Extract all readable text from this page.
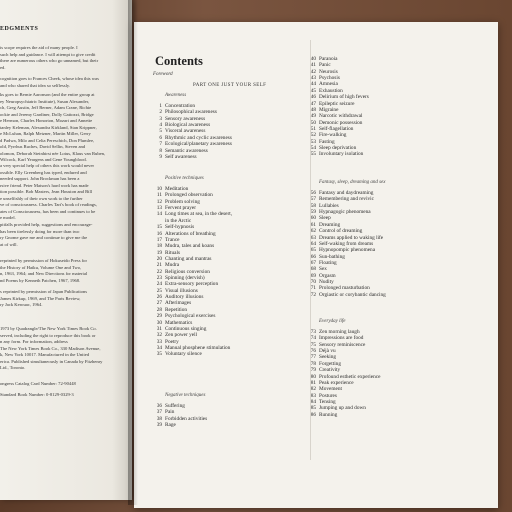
EDGMENTS
is scope requires the aid of many people. I
such help and guidance. I will attempt to give credit
there are numerous others who go unnamed, but their
ed.
cognition goes to Frances Cheek, whose idea this was
and who shared that idea so selflessly.
ks goes to Bernie Aaronson (and the entire group at
ey Neuropsychiatric Institute), Susan Alexander,
ch, Greg Austin, Jeff Berner, Adam Crane, Richie
ockie and Jeremy Gardiner, Dolly Gattozzi, Bridge
e Hermon, Charles Honorton, Mozart and Annette
tanley Keleman, Alexandra Kirkland, Stan Krippner,
e McLuhan, Ralph Metzner, Martin Miller, Gerry
d Padwa, Milo and Celia Pereschich, Don Plumlee,
old, Pyrrhus Ruches, David Sellin, Steven and
olomon, Deborah Steinhirst née Lotus, Klaus van Ruben,
Wilcock, Karl Yeargens and Gene Youngblood.
a very special help of others this work would never
ossible. Elly Greenberg has typed, endured and
needed support. John Brockman has been a
rsive friend. Peter Matson's hard work has made
tion possible. Bob Masters, Jean Houston and Bill
e unselfishly of their own work to the further
ve of consciousness. Charles Tart's book of readings,
ates of Consciousness, has been and continues to be
e model.
pitfalls provided help, suggestions and encourage-
has been tirelessly doing for more than two
ry Gnome gave me and continue to give me the
at of will.
reprinted by permission of Hokuseido Press for
the History of Haiku, Volume One and Two,
n, 1963, 1964; and New Directions for material
nd Poems by Kenneth Patchen, 1967, 1968.
s reprinted by permission of Japan Publications
James Kirkup, 1969, and The Paris Review,
ry Jack Kerouac, 1964.
1973 by Quadrangle/The New York Times Book Co.
served, including the right to reproduce this book or
n any form. For information, address
The New York Times Book Co., 330 Madison Avenue,
k, New York 10017. Manufactured in the United
erica. Published simultaneously in Canada by Fitzhenry
Ltd., Toronto.
ongress Catalog Card Number: 72-90448
Standard Book Number: 0-8129-0329-3
Contents
Foreword
PART ONE JUST YOUR SELF
Awareness
1 Concentration
2 Philosophical awareness
3 Sensory awareness
4 Biological awareness
5 Visceral awareness
6 Rhythmic and cyclic awareness
7 Ecological/planetary awareness
8 Semantic awareness
9 Self awareness
Positive techniques
10 Meditation
11 Prolonged observation
12 Problem solving
13 Fervent prayer
14 Long times at sea, in the desert,
in the Arctic
15 Self-hypnosis
16 Alterations of breathing
17 Trance
18 Mudra, tales and koans
19 Rituals
20 Chanting and mantras
21 Mudra
22 Religious conversion
23 Spinning (dervish)
24 Extra-sensory perception
25 Visual illusions
26 Auditory illusions
27 Afterimages
28 Repetition
29 Psychological exercises
30 Mathematics
31 Continuous singing
32 Zen power yell
33 Poetry
34 Manual phosphene stimulation
35 Voluntary silence
Negative techniques
36 Suffering
37 Pain
38 Forbidden activities
39 Rage
40 Paranoia
41 Panic
42 Neurosis
43 Psychosis
44 Amnesia
45 Exhaustion
46 Delirium of high fevers
47 Epileptic seizure
48 Migraine
49 Narcotic withdrawal
50 Demonic possession
51 Self-flagellation
52 Fire-walking
53 Fasting
54 Sleep deprivation
55 Involuntary isolation
Fantasy, sleep, dreaming and sex
56 Fantasy and daydreaming
57 Remembering and revivic
58 Lullabies
59 Hypnagogic phenomena
60 Sleep
61 Dreaming
62 Control of dreaming
63 Dreams applied to waking life
64 Self-waking from dreams
65 Hypnopompic phenomena
66 Sun-bathing
67 Floating
68 Sex
69 Orgasm
70 Nudity
71 Prolonged masturbation
72 Orgiastic or corybantic dancing
Everyday life
73 Zen morning laugh
74 Impressions are food
75 Sensory reminiscence
76 Déjà vu
77 Seeking
78 Forgetting
79 Creativity
80 Profound esthetic experience
81 Peak experience
82 Movement
83 Postures
84 Tensing
85 Jumping up and down
86 Running
